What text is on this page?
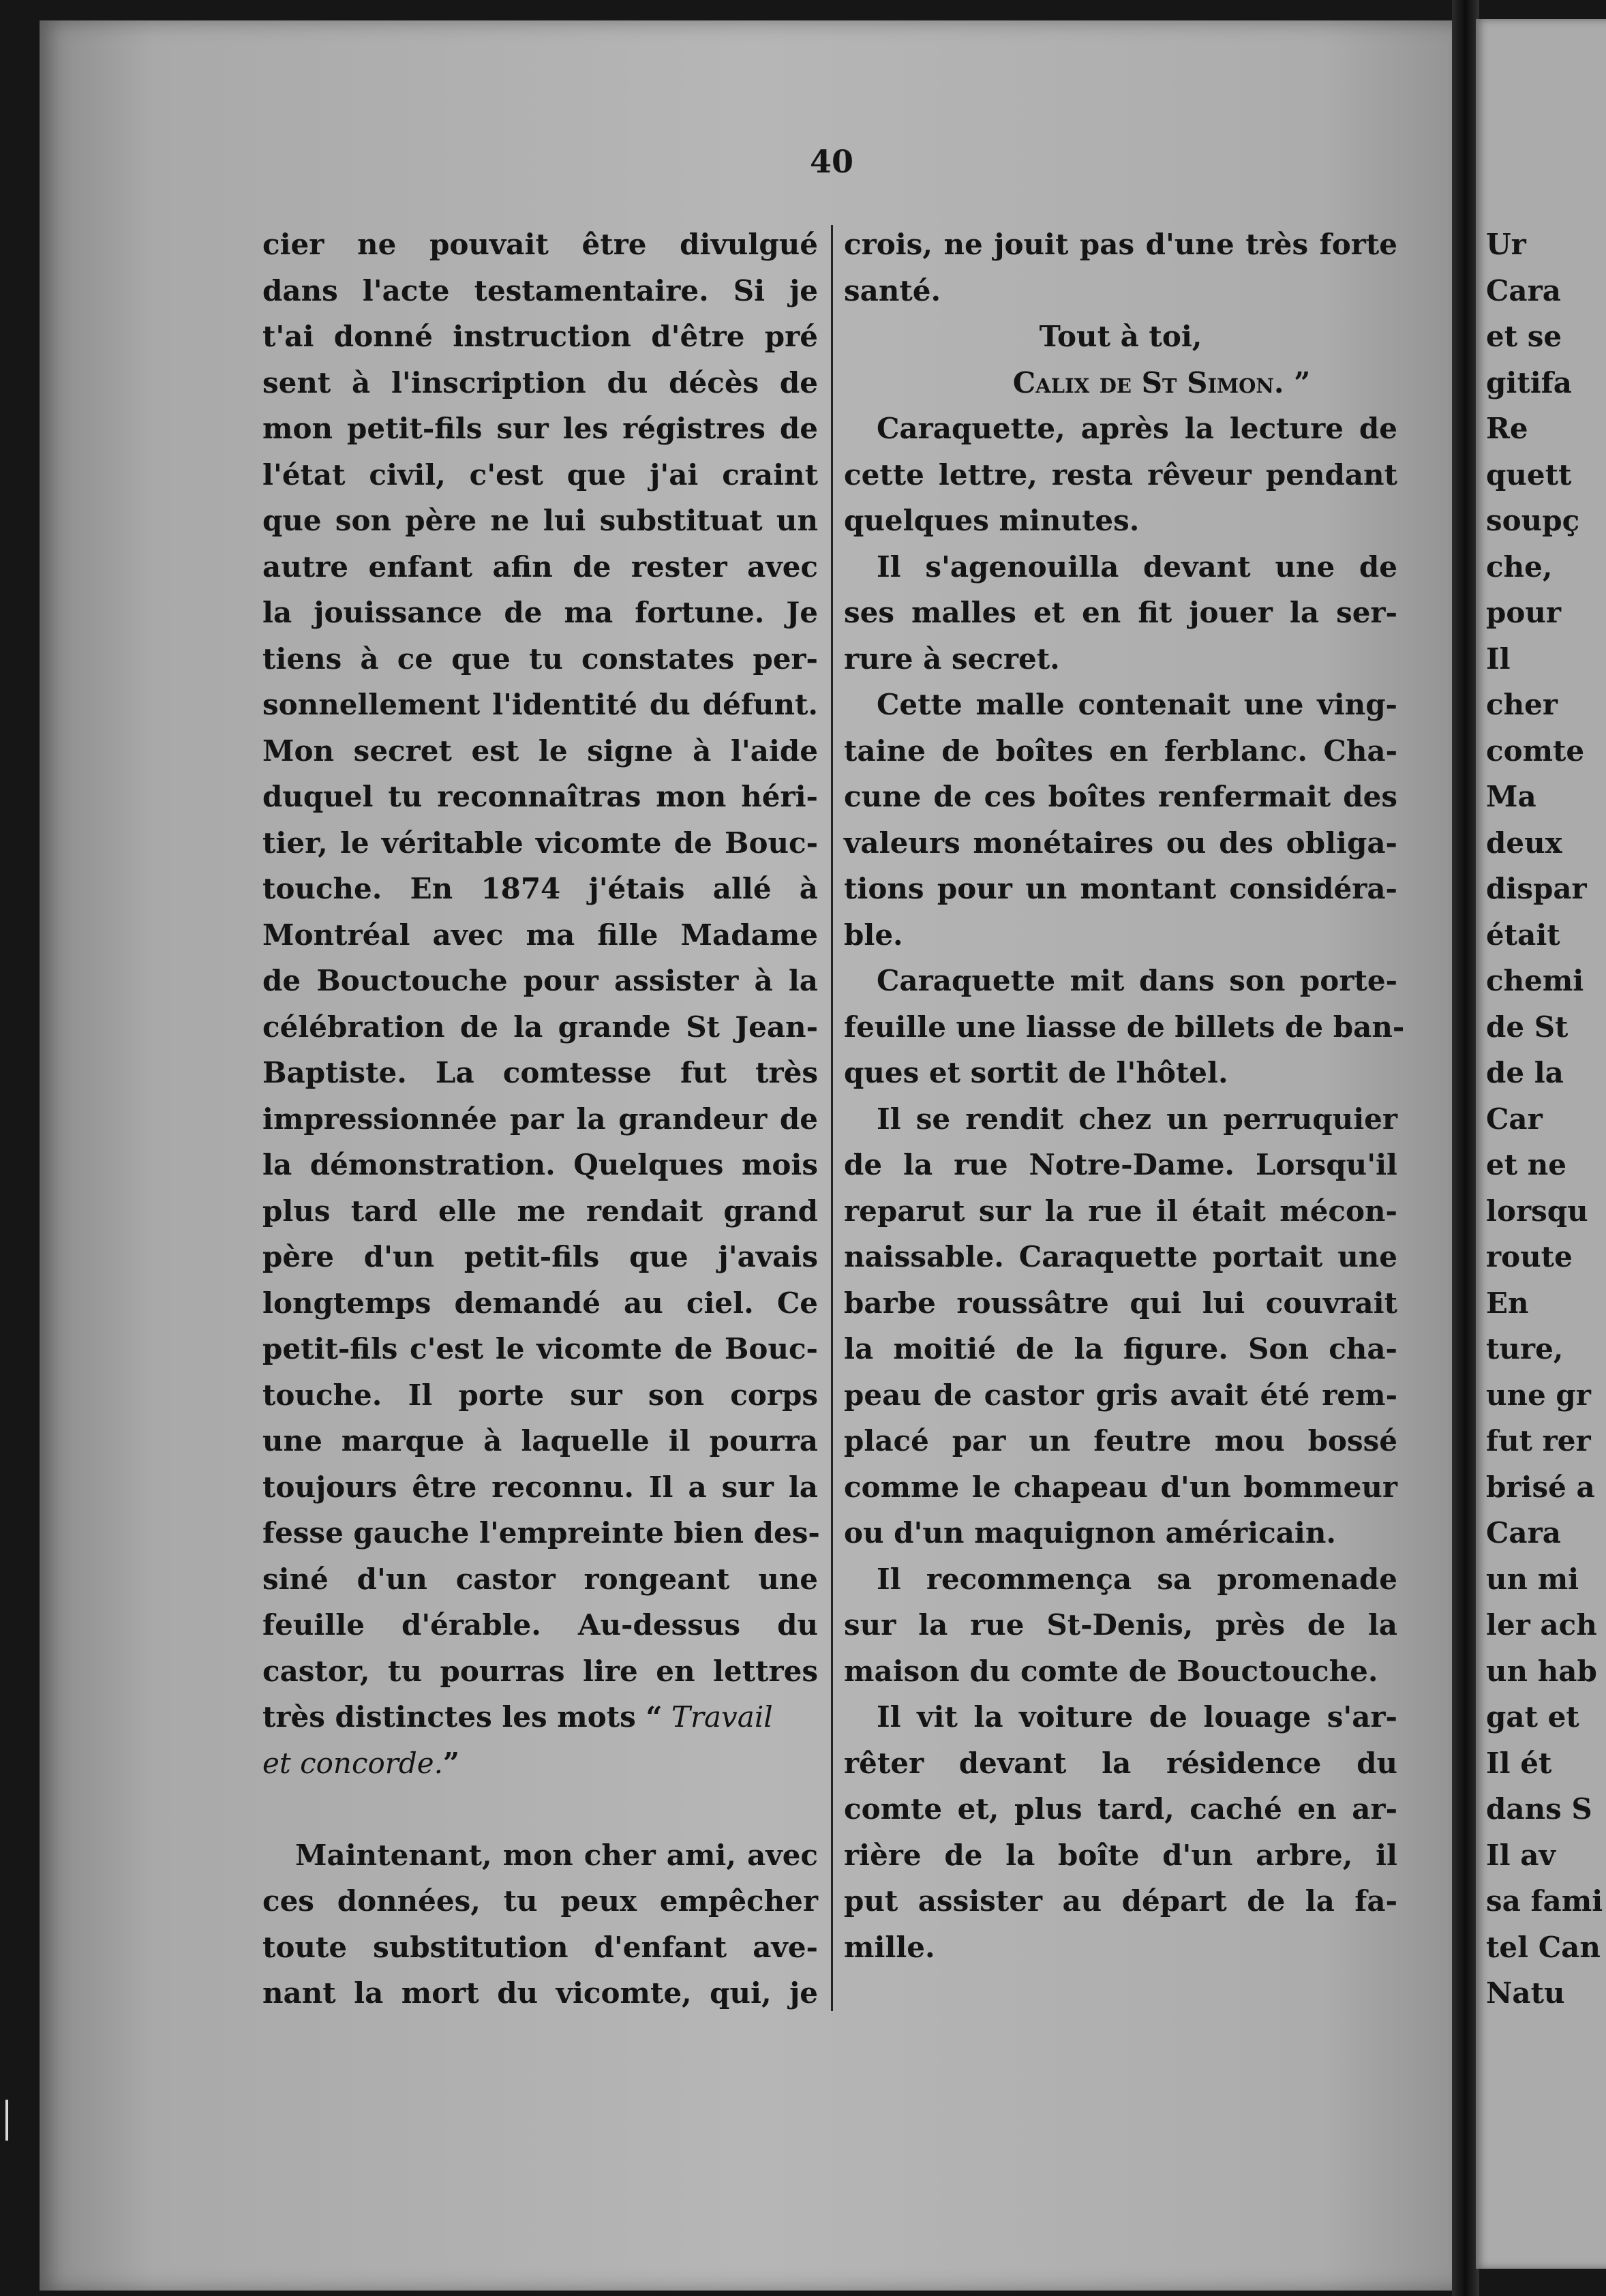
40
cier ne pouvait être divulgué
dans l'acte testamentaire. Si je
t'ai donné instruction d'être pré
sent à l'inscription du décès de
mon petit-fils sur les régistres de
l'état civil, c'est que j'ai craint
que son père ne lui substituat un
autre enfant afin de rester avec
la jouissance de ma fortune. Je
tiens à ce que tu constates per-
sonnellement l'identité du défunt.
Mon secret est le signe à l'aide
duquel tu reconnaîtras mon héri-
tier, le véritable vicomte de Bouc-
touche. En 1874 j'étais allé à
Montréal avec ma fille Madame
de Bouctouche pour assister à la
célébration de la grande St Jean-
Baptiste. La comtesse fut très
impressionnée par la grandeur de
la démonstration. Quelques mois
plus tard elle me rendait grand
père d'un petit-fils que j'avais
longtemps demandé au ciel. Ce
petit-fils c'est le vicomte de Bouc-
touche. Il porte sur son corps
une marque à laquelle il pourra
toujours être reconnu. Il a sur la
fesse gauche l'empreinte bien des-
siné d'un castor rongeant une
feuille d'érable. Au-dessus du
castor, tu pourras lire en lettres
très distinctes les mots “ Travail
et concorde.”
Maintenant, mon cher ami, avec
ces données, tu peux empêcher
toute substitution d'enfant ave-
nant la mort du vicomte, qui, je
crois, ne jouit pas d'une très forte
santé.
Tout à toi,
Calix de St Simon. ”
Caraquette, après la lecture de
cette lettre, resta rêveur pendant
quelques minutes.
Il s'agenouilla devant une de
ses malles et en fit jouer la ser-
rure à secret.
Cette malle contenait une ving-
taine de boîtes en ferblanc. Cha-
cune de ces boîtes renfermait des
valeurs monétaires ou des obliga-
tions pour un montant considéra-
ble.
Caraquette mit dans son porte-
feuille une liasse de billets de ban-
ques et sortit de l'hôtel.
Il se rendit chez un perruquier
de la rue Notre-Dame. Lorsqu'il
reparut sur la rue il était mécon-
naissable. Caraquette portait une
barbe roussâtre qui lui couvrait
la moitié de la figure. Son cha-
peau de castor gris avait été rem-
placé par un feutre mou bossé
comme le chapeau d'un bommeur
ou d'un maquignon américain.
Il recommença sa promenade
sur la rue St-Denis, près de la
maison du comte de Bouctouche.
Il vit la voiture de louage s'ar-
rêter devant la résidence du
comte et, plus tard, caché en ar-
rière de la boîte d'un arbre, il
put assister au départ de la fa-
mille.
Ur
Cara
et se
gitifa
Re
quett
soupç
che,
pour
Il
cher
comte
Ma
deux
dispar
était
chemi
de St
de la
Car
et ne
lorsqu
route
En
ture,
une gr
fut rer
brisé a
Cara
un mi
ler ach
un hab
gat et
Il ét
dans S
Il av
sa fami
tel Can
Natu
